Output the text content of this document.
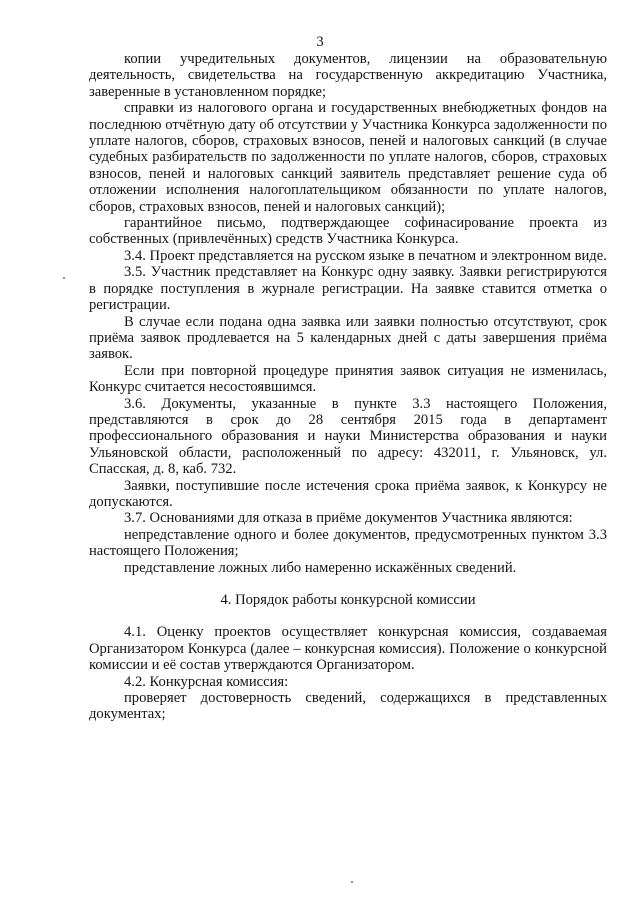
3

копии учредительных документов, лицензии на образовательную деятельность, свидетельства на государственную аккредитацию Участника, заверенные в установленном порядке;

справки из налогового органа и государственных внебюджетных фондов на последнюю отчётную дату об отсутствии у Участника Конкурса задолженности по уплате налогов, сборов, страховых взносов, пеней и налоговых санкций (в случае судебных разбирательств по задолженности по уплате налогов, сборов, страховых взносов, пеней и налоговых санкций заявитель представляет решение суда об отложении исполнения налогоплательщиком обязанности по уплате налогов, сборов, страховых взносов, пеней и налоговых санкций);

гарантийное письмо, подтверждающее софинасирование проекта из собственных (привлечённых) средств Участника Конкурса.

3.4. Проект представляется на русском языке в печатном и электронном виде.

3.5. Участник представляет на Конкурс одну заявку. Заявки регистрируются в порядке поступления в журнале регистрации. На заявке ставится отметка о регистрации.

В случае если подана одна заявка или заявки полностью отсутствуют, срок приёма заявок продлевается на 5 календарных дней с даты завершения приёма заявок.

Если при повторной процедуре принятия заявок ситуация не изменилась, Конкурс считается несостоявшимся.

3.6. Документы, указанные в пункте 3.3 настоящего Положения, представляются в срок до 28 сентября 2015 года в департамент профессионального образования и науки Министерства образования и науки Ульяновской области, расположенный по адресу: 432011, г. Ульяновск, ул. Спасская, д. 8, каб. 732.

Заявки, поступившие после истечения срока приёма заявок, к Конкурсу не допускаются.

3.7. Основаниями для отказа в приёме документов Участника являются:

непредставление одного и более документов, предусмотренных пунктом 3.3 настоящего Положения;

представление ложных либо намеренно искажённых сведений.

4. Порядок работы конкурсной комиссии

4.1. Оценку проектов осуществляет конкурсная комиссия, создаваемая Организатором Конкурса (далее – конкурсная комиссия). Положение о конкурсной комиссии и её состав утверждаются Организатором.

4.2. Конкурсная комиссия:

проверяет достоверность сведений, содержащихся в представленных документах;
